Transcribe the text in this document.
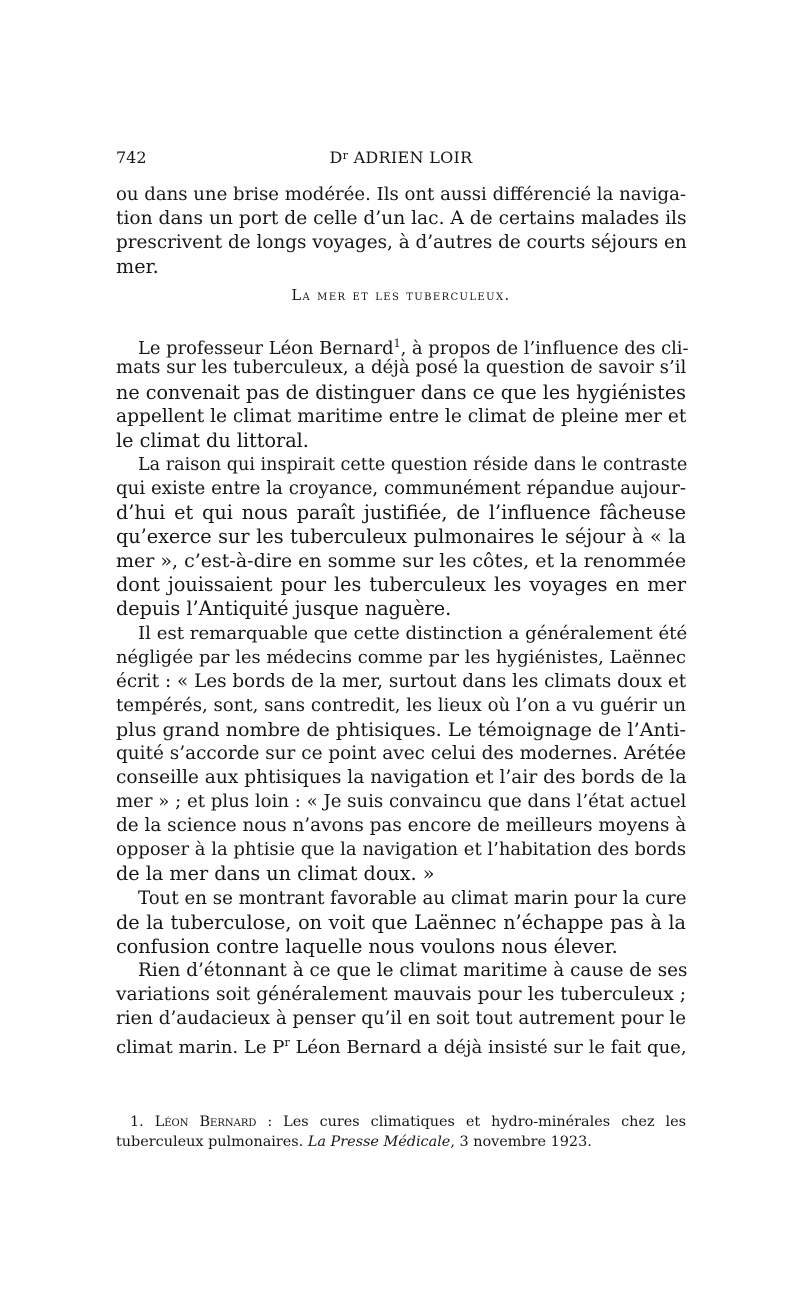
742	$D^r$ ADRIEN LOIR
ou dans une brise modérée. Ils ont aussi différencié la naviga-
tion dans un port de celle d’un lac. A de certains malades ils
prescrivent de longs voyages, à d’autres de courts séjours en
mer.
La mer et les tuberculeux.
Le professeur Léon Bernard$^1$, à propos de l’influence des cli-
mats sur les tuberculeux, a déjà posé la question de savoir s’il
ne convenait pas de distinguer dans ce que les hygiénistes
appellent le climat maritime entre le climat de pleine mer et
le climat du littoral.
La raison qui inspirait cette question réside dans le contraste
qui existe entre la croyance, communément répandue aujour-
d’hui et qui nous paraît justifiée, de l’influence fâcheuse
qu’exerce sur les tuberculeux pulmonaires le séjour à « la
mer », c’est-à-dire en somme sur les côtes, et la renommée
dont jouissaient pour les tuberculeux les voyages en mer
depuis l’Antiquité jusque naguère.
Il est remarquable que cette distinction a généralement été
négligée par les médecins comme par les hygiénistes, Laënnec
écrit : « Les bords de la mer, surtout dans les climats doux et
tempérés, sont, sans contredit, les lieux où l’on a vu guérir un
plus grand nombre de phtisiques. Le témoignage de l’Anti-
quité s’accorde sur ce point avec celui des modernes. Arétée
conseille aux phtisiques la navigation et l’air des bords de la
mer » ; et plus loin : « Je suis convaincu que dans l’état actuel
de la science nous n’avons pas encore de meilleurs moyens à
opposer à la phtisie que la navigation et l’habitation des bords
de la mer dans un climat doux. »
Tout en se montrant favorable au climat marin pour la cure
de la tuberculose, on voit que Laënnec n’échappe pas à la
confusion contre laquelle nous voulons nous élever.
Rien d’étonnant à ce que le climat maritime à cause de ses
variations soit généralement mauvais pour les tuberculeux ;
rien d’audacieux à penser qu’il en soit tout autrement pour le
climat marin. Le P$^r$ Léon Bernard a déjà insisté sur le fait que,
1. Léon Bernard : Les cures climatiques et hydro-minérales chez les
tuberculeux pulmonaires. La Presse Médicale, 3 novembre 1923.
